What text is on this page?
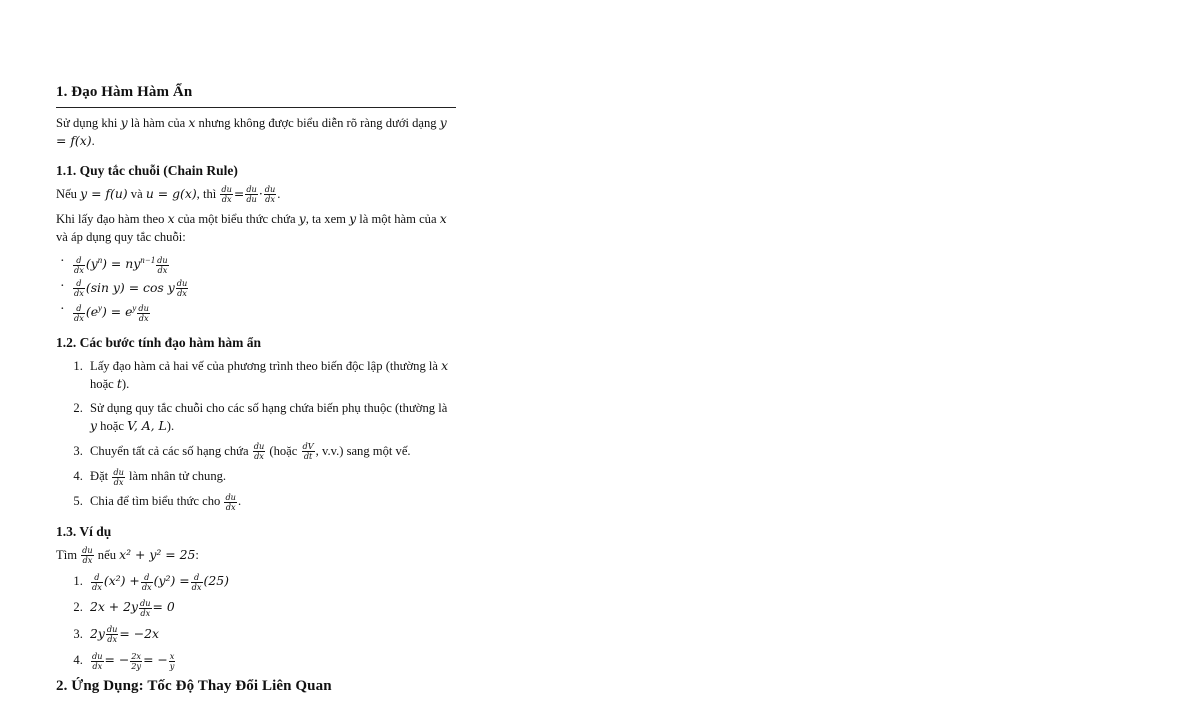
1. Đạo Hàm Hàm Ẩn

Sử dụng khi y là hàm của x nhưng không được biểu diễn rõ ràng dưới dạng y = f(x).

1.1. Quy tắc chuỗi (Chain Rule)

Nếu y = f(u) và u = g(x), thì $\frac{du}{dx} = \frac{du}{du} \cdot \frac{du}{dx}$ .

Khi lấy đạo hàm theo x của một biểu thức chứa y, ta xem y là một hàm của x và áp dụng quy tắc chuỗi:

· $\frac{d}{dx} (y^n) = ny^{n-1} \frac{du}{dx}$
· $\frac{d}{dx} (\sin$ y) = cos y $\frac{du}{dx}$
· $\frac{d}{dx} (e^y) = e^y \frac{du}{dx}$
1.2. Các bước tính đạo hàm hàm ẩn
1. Lấy đạo hàm cả hai vế của phương trình theo biến độc lập (thường là x hoặc t).
2. Sử dụng quy tắc chuỗi cho các số hạng chứa biến phụ thuộc (thường là y hoặc V, A, L).
3. Chuyển tất cả các số hạng chứa $\frac{du}{dx}$ (hoặc $\frac{dV}{dt}$ , v.v.) sang một vế.
4. Đặt $\frac{du}{dx}$ làm nhân tử chung.
5. Chia để tìm biểu thức cho $\frac{du}{dx}$ .
1.3. Ví dụ

Tìm $\frac{du}{dx}$ nếu x² + y² = 25:

1. $\frac{d}{dx} (x^2) + \frac{d}{dx} (y^2) = \frac{d}{dx} (25)$
2. $2x + 2y \frac{du}{dx} = 0$
3. $2y \frac{du}{dx} = -2x$
4. $\frac{du}{dx}$ = − $\frac{2x}{2y}$ = − $\frac{x}{y}$
2. Ứng Dụng: Tốc Độ Thay Đổi Liên Quan
